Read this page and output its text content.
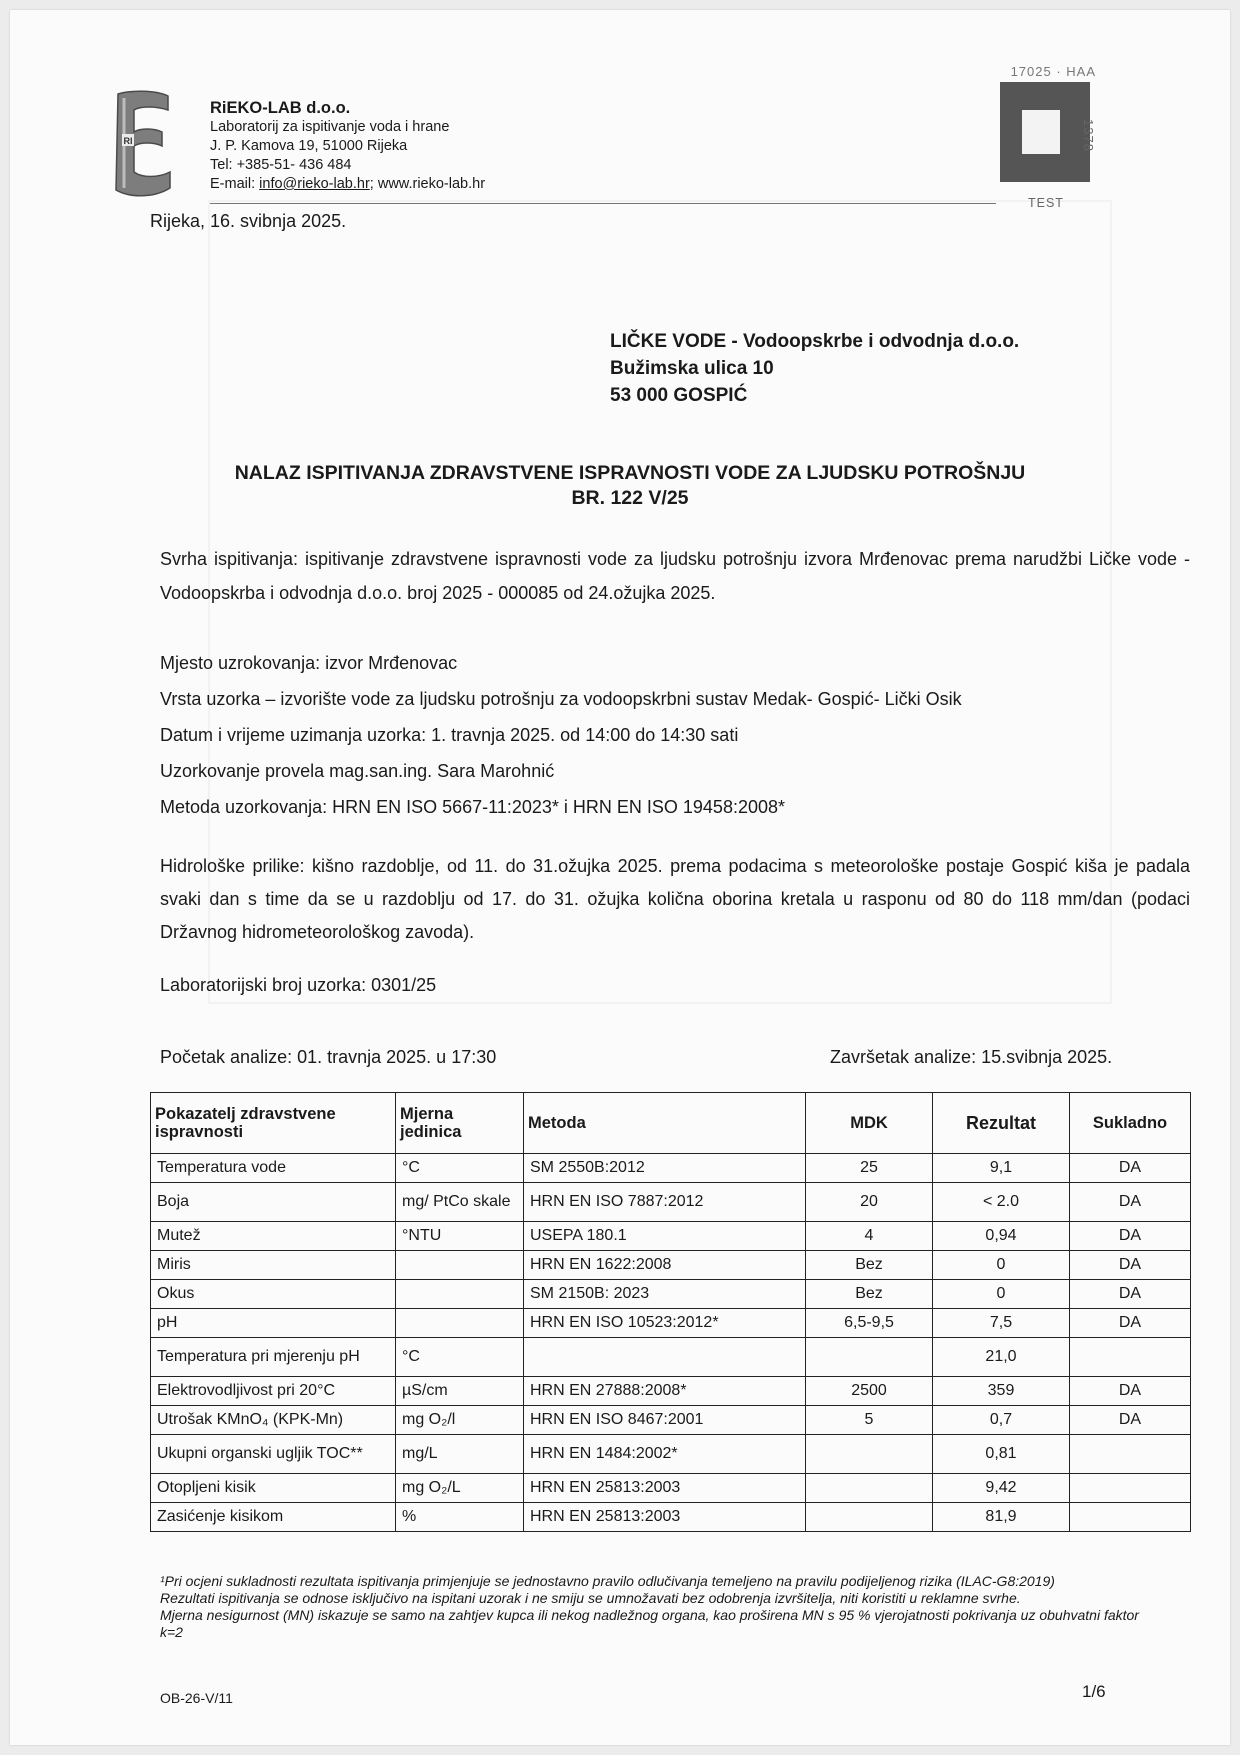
RI
RiEKO-LAB d.o.o.
Laboratorij za ispitivanje voda i hrane
J. P. Kamova 19, 51000 Rijeka
Tel: +385-51- 436 484
E-mail: info@rieko-lab.hr; www.rieko-lab.hr
17025 · HAA
1378
TEST
Rijeka, 16. svibnja 2025.
LIČKE VODE - Vodoopskrbe i odvodnja d.o.o.
Bužimska ulica 10
53 000 GOSPIĆ
NALAZ ISPITIVANJA ZDRAVSTVENE ISPRAVNOSTI VODE ZA LJUDSKU POTROŠNJU
BR. 122 V/25
Svrha ispitivanja: ispitivanje zdravstvene ispravnosti vode za ljudsku potrošnju izvora Mrđenovac prema narudžbi Ličke vode - Vodoopskrba i odvodnja d.o.o. broj 2025 - 000085 od 24.ožujka 2025.
Mjesto uzrokovanja: izvor Mrđenovac
Vrsta uzorka – izvorište vode za ljudsku potrošnju za vodoopskrbni sustav Medak- Gospić- Lički Osik
Datum i vrijeme uzimanja uzorka: 1. travnja 2025. od 14:00 do 14:30 sati
Uzorkovanje provela mag.san.ing. Sara Marohnić
Metoda uzorkovanja: HRN EN ISO 5667-11:2023* i HRN EN ISO 19458:2008*
Hidrološke prilike: kišno razdoblje, od 11. do 31.ožujka 2025. prema podacima s meteorološke postaje Gospić kiša je padala svaki dan s time da se u razdoblju od 17. do 31. ožujka količna oborina kretala u rasponu od 80 do 118 mm/dan (podaci Državnog hidrometeorološkog zavoda).
Laboratorijski broj uzorka: 0301/25
Početak analize: 01. travnja 2025. u 17:30	Završetak analize: 15.svibnja 2025.
Pokazatelj zdravstvene ispravnosti	Mjerna jedinica	Metoda	MDK	Rezultat	Sukladno
Temperatura vode	°C	SM 2550B:2012	25	9,1	DA
Boja	mg/ PtCo skale	HRN EN ISO 7887:2012	20	< 2.0	DA
Mutež	°NTU	USEPA 180.1	4	0,94	DA
Miris		HRN EN 1622:2008	Bez	0	DA
Okus		SM 2150B: 2023	Bez	0	DA
pH		HRN EN ISO 10523:2012*	6,5-9,5	7,5	DA
Temperatura pri mjerenju pH	°C			21,0	
Elektrovodljivost pri 20°C	µS/cm	HRN EN 27888:2008*	2500	359	DA
Utrošak KMnO₄ (KPK-Mn)	mg O₂/l	HRN EN ISO 8467:2001	5	0,7	DA
Ukupni organski ugljik TOC**	mg/L	HRN EN 1484:2002*		0,81	
Otopljeni kisik	mg O₂/L	HRN EN 25813:2003		9,42	
Zasićenje kisikom	%	HRN EN 25813:2003		81,9	
¹Pri ocjeni sukladnosti rezultata ispitivanja primjenjuje se jednostavno pravilo odlučivanja temeljeno na pravilu podijeljenog rizika (ILAC-G8:2019)
Rezultati ispitivanja se odnose isključivo na ispitani uzorak i ne smiju se umnožavati bez odobrenja izvršitelja, niti koristiti u reklamne svrhe.
Mjerna nesigurnost (MN) iskazuje se samo na zahtjev kupca ili nekog nadležnog organa, kao proširena MN s 95 % vjerojatnosti pokrivanja uz obuhvatni faktor k=2
OB-26-V/11	1/6
